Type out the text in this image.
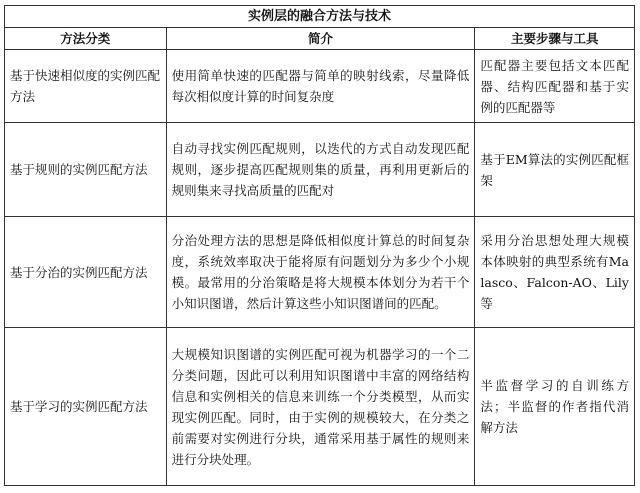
实例层的融合方法与技术		
方法分类	简介	主要步骤与工具
基于快速相似度的实例匹配方法	使用简单快速的匹配器与简单的映射线索，尽量降低每次相似度计算的时间复杂度	匹配器主要包括文本匹配器、结构匹配器和基于实例的匹配器等
基于规则的实例匹配方法	自动寻找实例匹配规则，以迭代的方式自动发现匹配规则，逐步提高匹配规则集的质量，再利用更新后的规则集来寻找高质量的匹配对	基于EM算法的实例匹配框架
基于分治的实例匹配方法	分治处理方法的思想是降低相似度计算总的时间复杂度，系统效率取决于能将原有问题划分为多少个小规模。最常用的分治策略是将大规模本体划分为若干个小知识图谱，然后计算这些小知识图谱间的匹配。	采用分治思想处理大规模本体映射的典型系统有Malasco、Falcon-AO、Lily等
基于学习的实例匹配方法	大规模知识图谱的实例匹配可视为机器学习的一个二分类问题，因此可以利用知识图谱中丰富的网络结构信息和实例相关的信息来训练一个分类模型，从而实现实例匹配。同时，由于实例的规模较大，在分类之前需要对实例进行分块，通常采用基于属性的规则来进行分块处理。	半监督学习的自训练方法；半监督的作者指代消解方法
